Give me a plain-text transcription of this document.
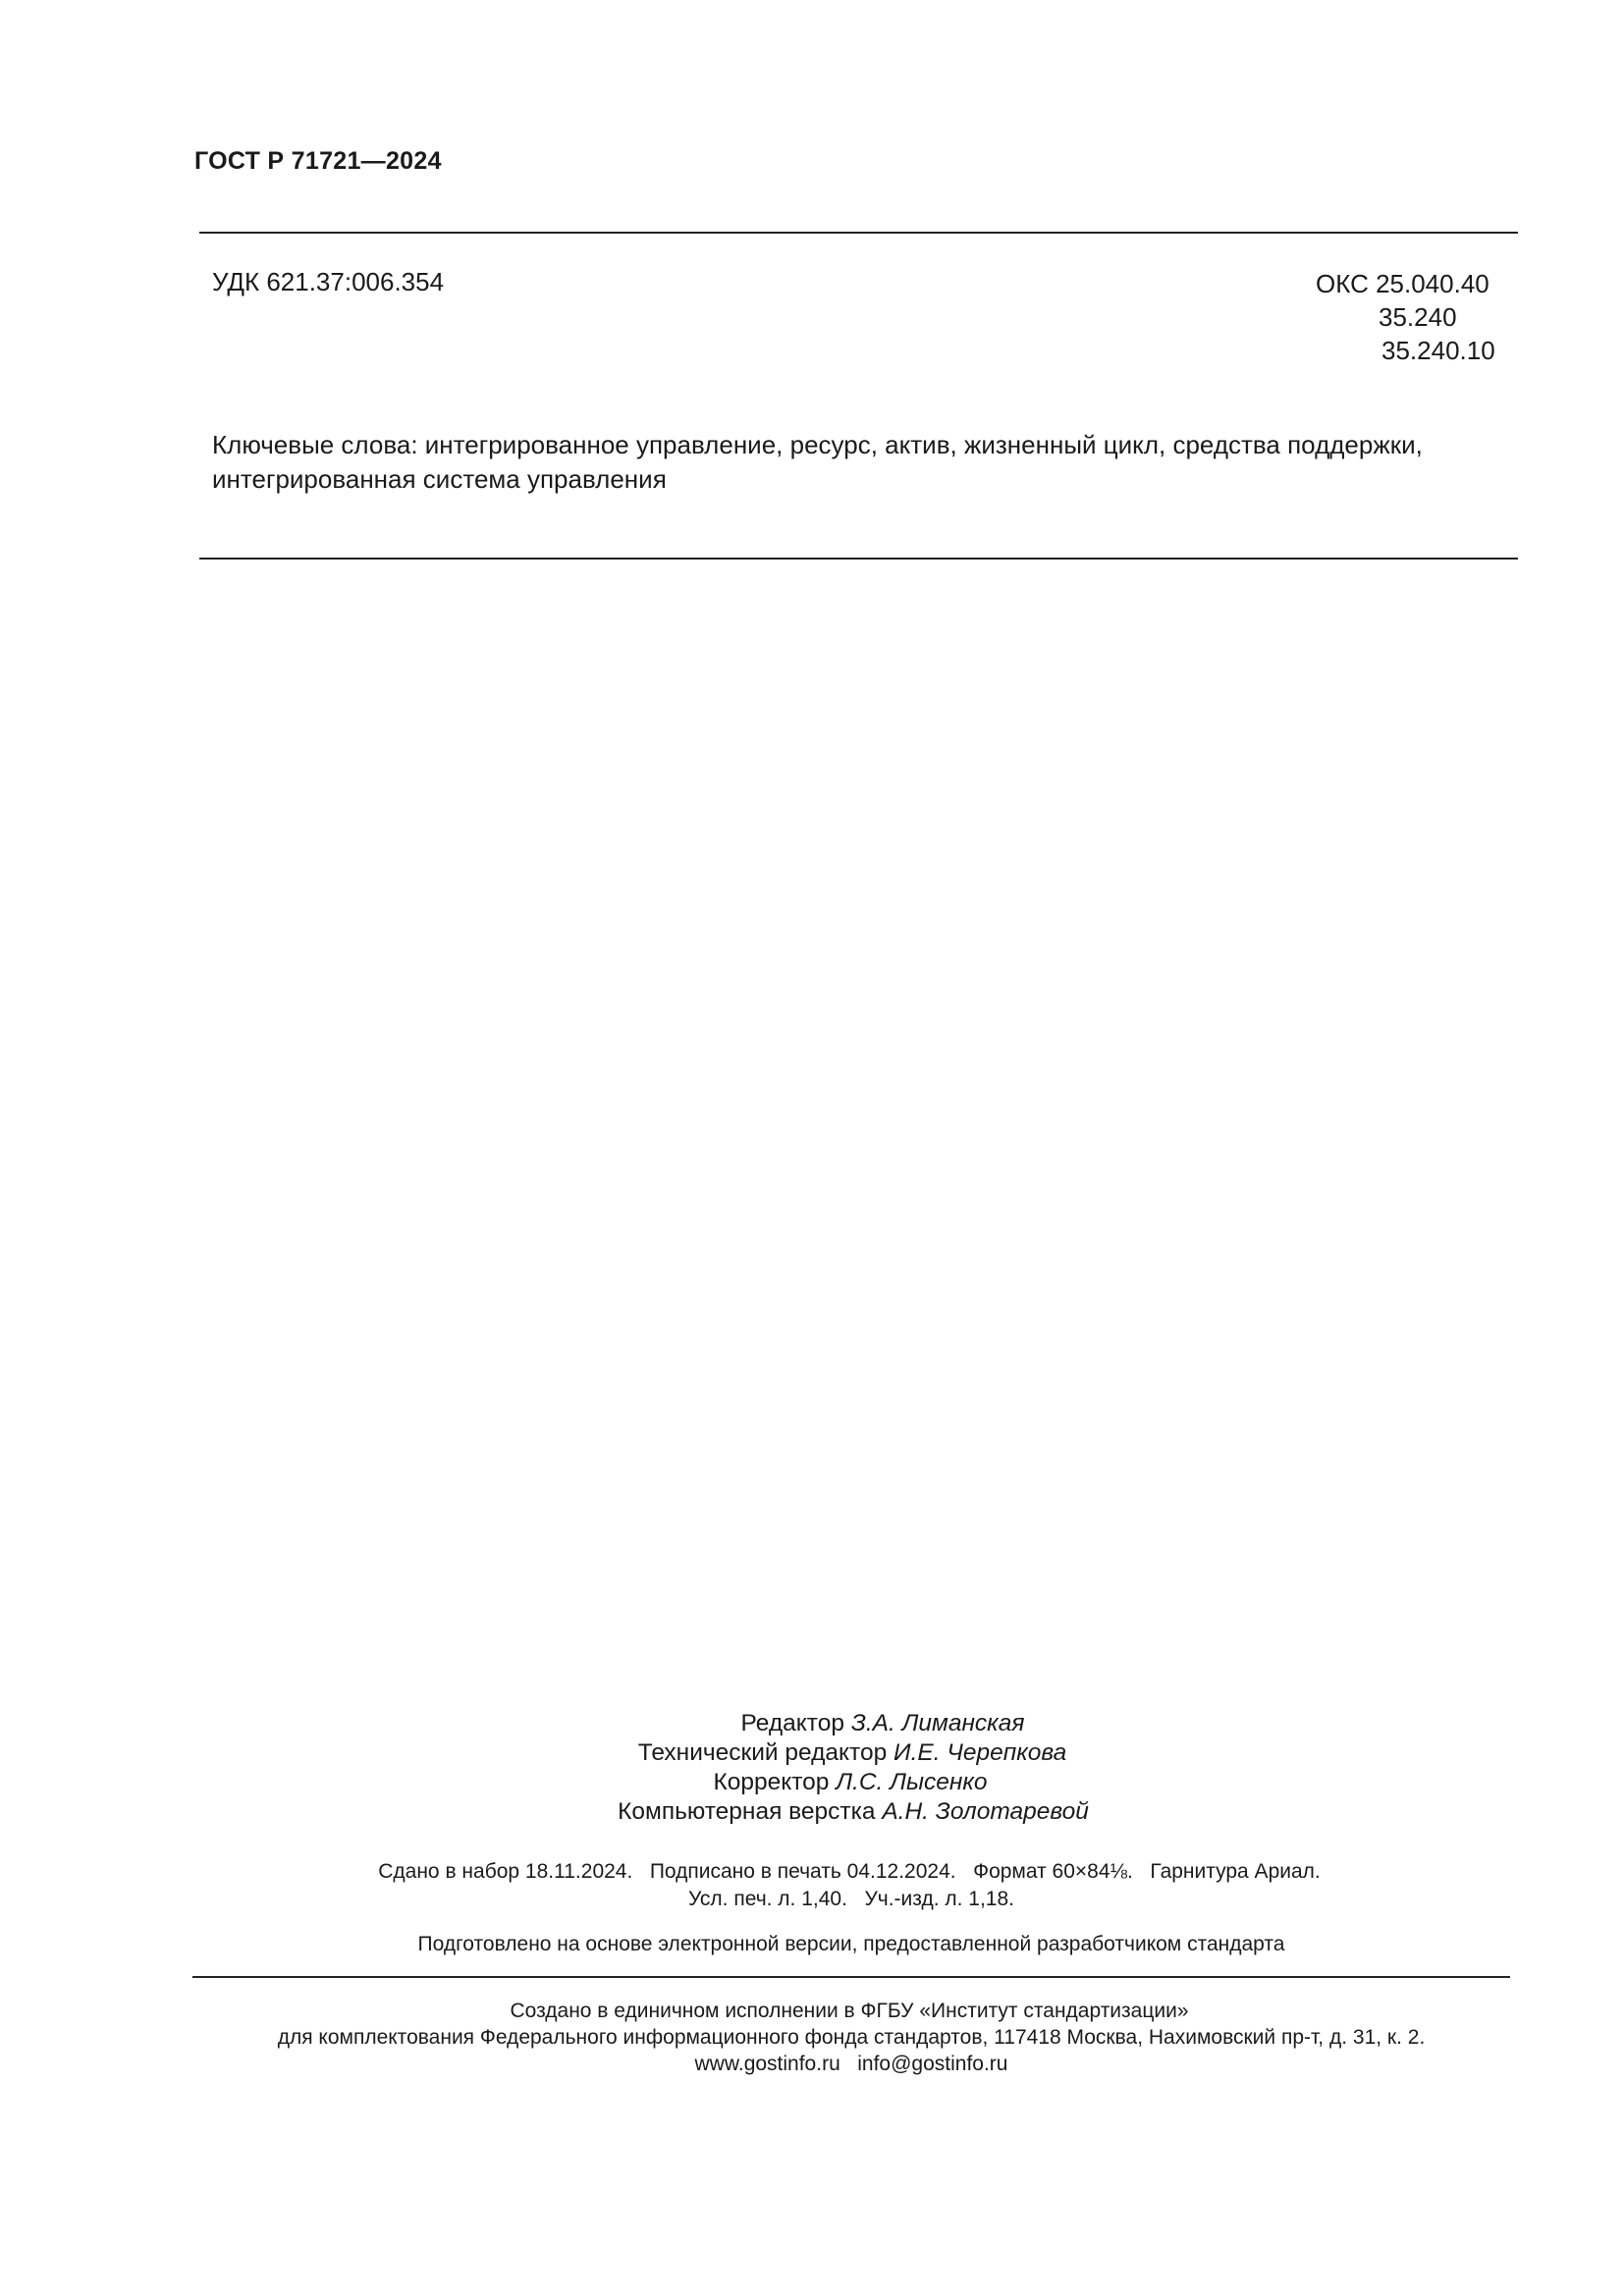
ГОСТ Р 71721—2024
УДК 621.37:006.354	ОКС 25.040.40
35.240
35.240.10
Ключевые слова: интегрированное управление, ресурс, актив, жизненный цикл, средства поддержки,
интегрированная система управления
Редактор З.А. Лиманская
Технический редактор И.Е. Черепкова
Корректор Л.С. Лысенко
Компьютерная верстка А.Н. Золотаревой
Сдано в набор 18.11.2024.   Подписано в печать 04.12.2024.   Формат 60×84⅛.   Гарнитура Ариал.
Усл. печ. л. 1,40.   Уч.-изд. л. 1,18.
Подготовлено на основе электронной версии, предоставленной разработчиком стандарта
Создано в единичном исполнении в ФГБУ «Институт стандартизации»
для комплектования Федерального информационного фонда стандартов, 117418 Москва, Нахимовский пр-т, д. 31, к. 2.
www.gostinfo.ru   info@gostinfo.ru
